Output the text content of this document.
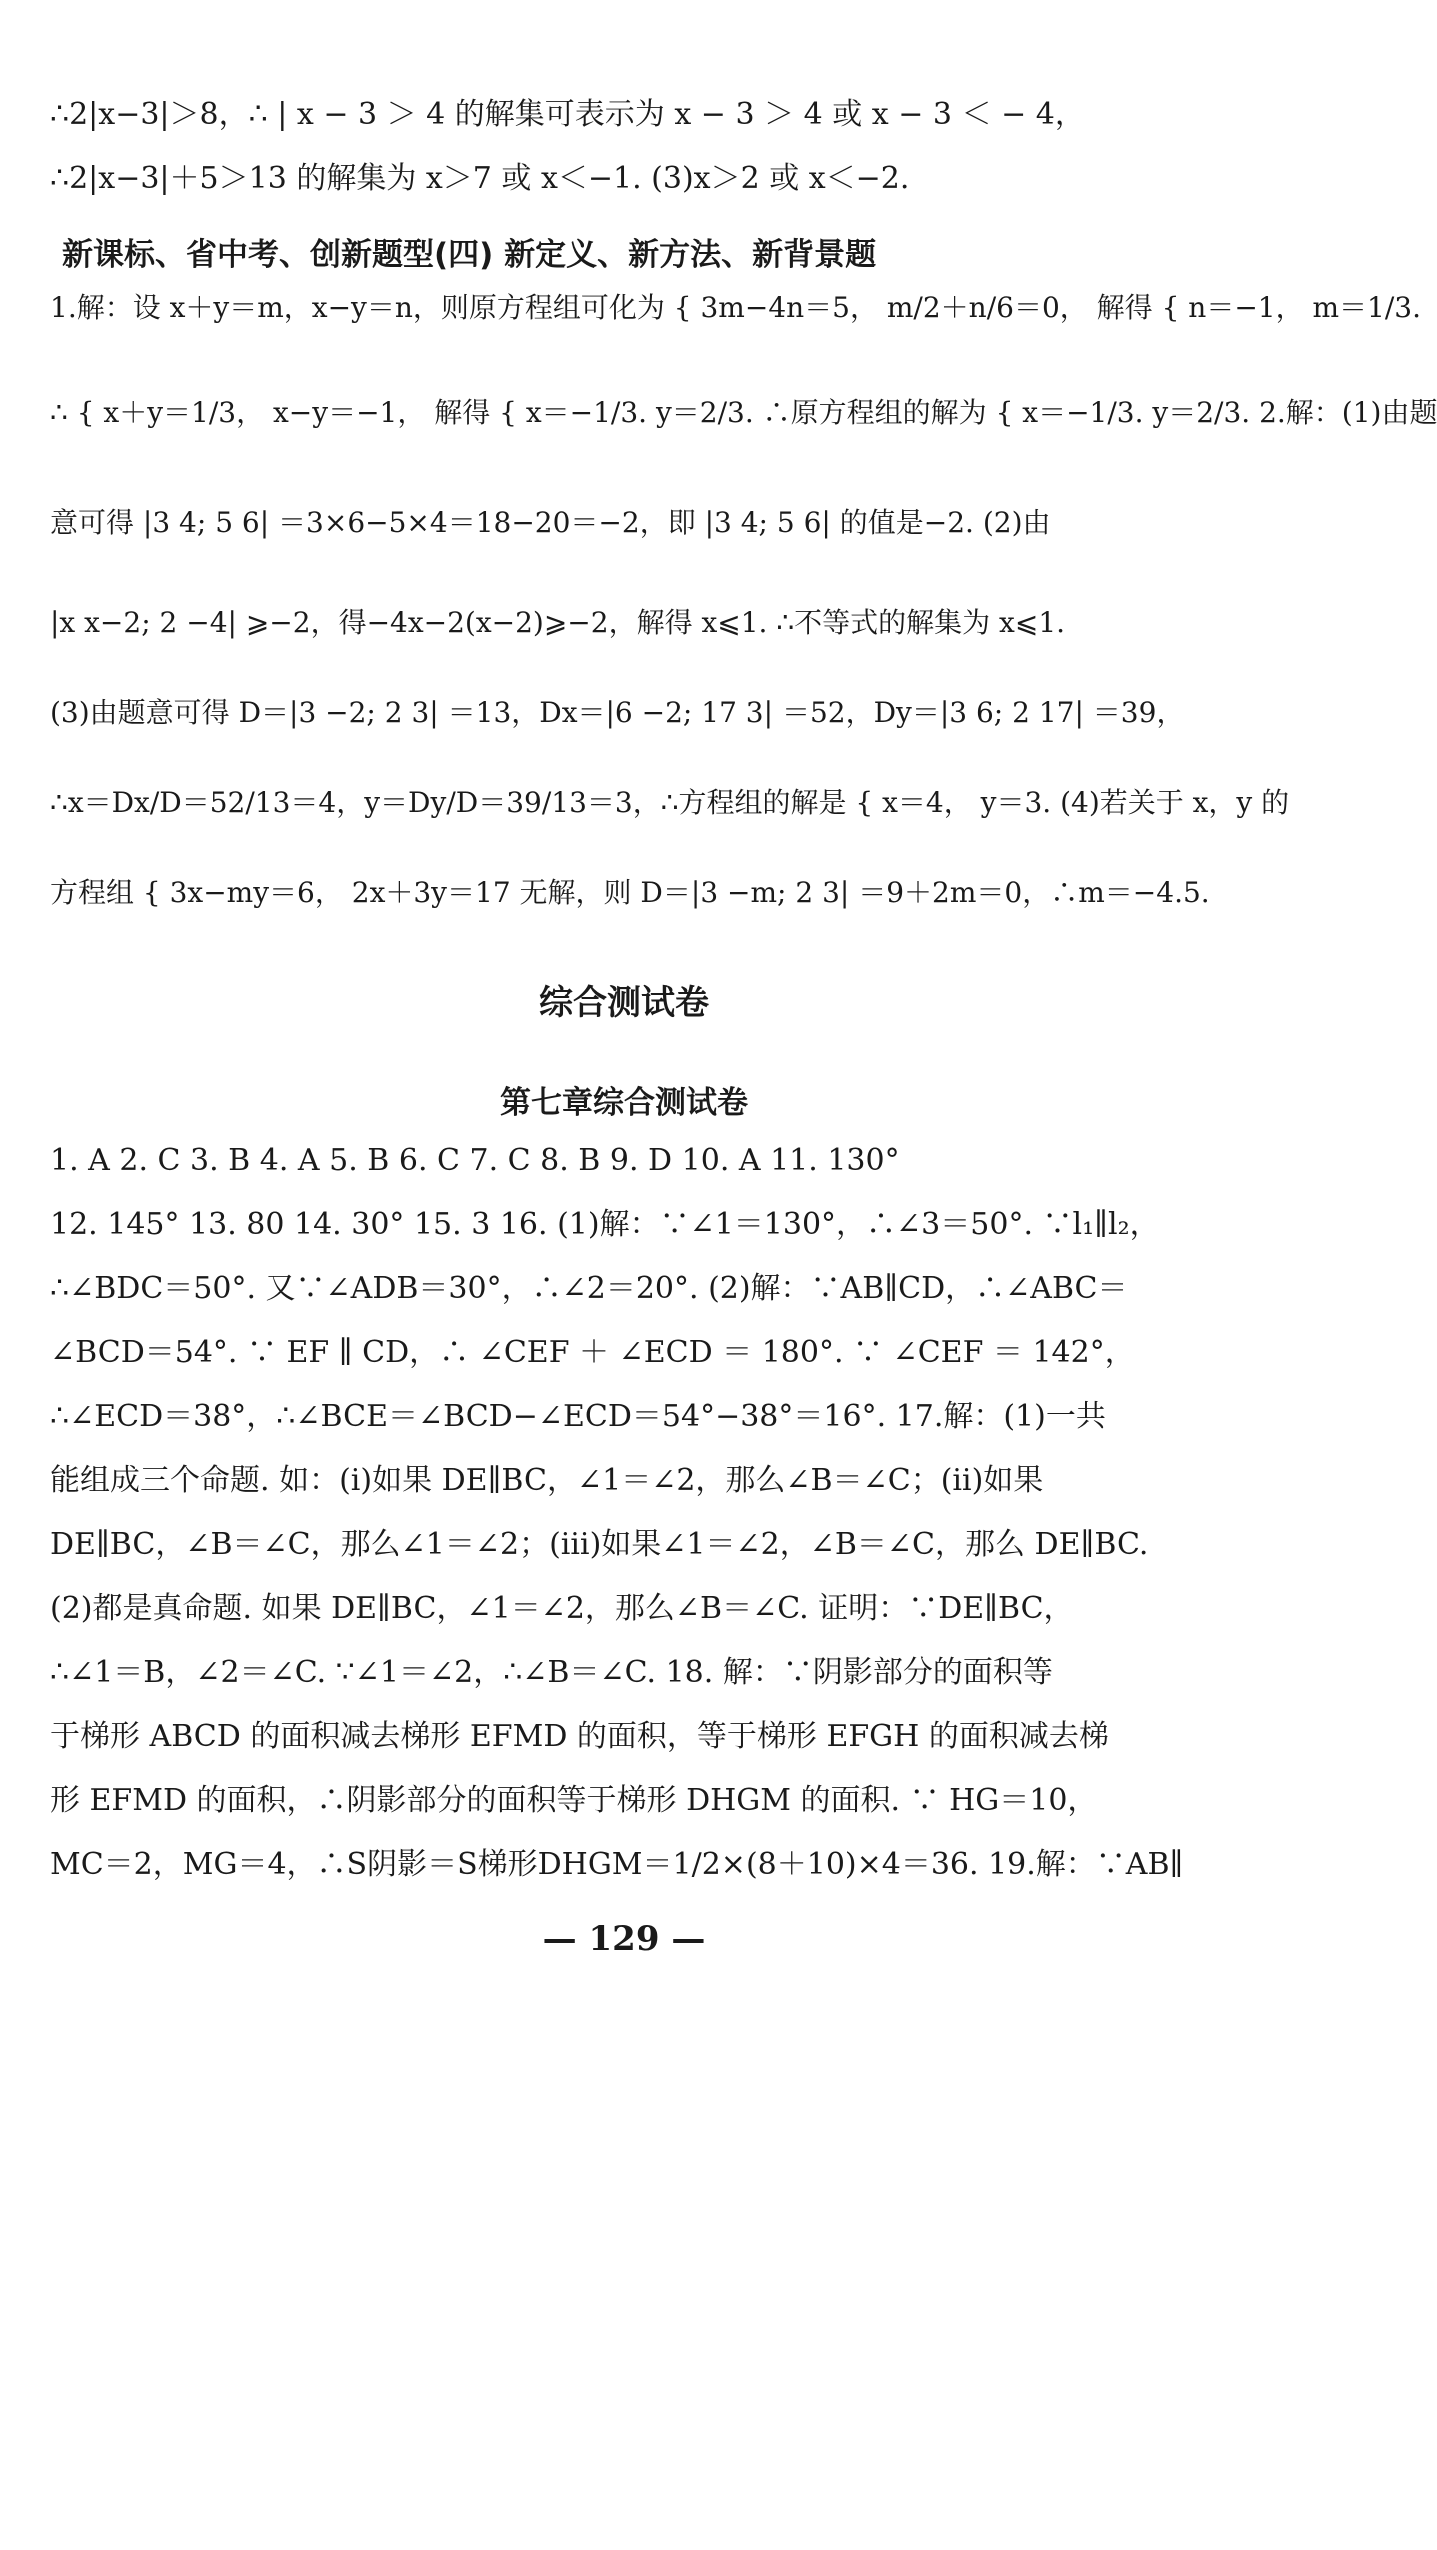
∴2|x−3|＞8，∴ | x − 3 ＞ 4 的解集可表示为 x − 3 ＞ 4 或 x − 3 ＜ − 4，
∴2|x−3|＋5＞13 的解集为 x＞7 或 x＜−1. (3)x＞2 或 x＜−2.
新课标、省中考、创新题型(四) 新定义、新方法、新背景题
1.解：设 x＋y＝m，x−y＝n，则原方程组可化为 { 3m−4n＝5， m/2＋n/6＝0， 解得 { n＝−1， m＝1/3.
∴ { x＋y＝1/3， x−y＝−1， 解得 { x＝−1/3. y＝2/3. ∴原方程组的解为 { x＝−1/3. y＝2/3. 2.解：(1)由题
意可得 |3 4; 5 6| ＝3×6−5×4＝18−20＝−2，即 |3 4; 5 6| 的值是−2. (2)由
|x x−2; 2 −4| ⩾−2，得−4x−2(x−2)⩾−2，解得 x⩽1. ∴不等式的解集为 x⩽1.
(3)由题意可得 D＝|3 −2; 2 3| ＝13，Dx＝|6 −2; 17 3| ＝52，Dy＝|3 6; 2 17| ＝39，
∴x＝Dx/D＝52/13＝4，y＝Dy/D＝39/13＝3，∴方程组的解是 { x＝4， y＝3. (4)若关于 x，y 的
方程组 { 3x−my＝6， 2x＋3y＝17 无解，则 D＝|3 −m; 2 3| ＝9＋2m＝0，∴m＝−4.5.
综合测试卷
第七章综合测试卷
1. A 2. C 3. B 4. A 5. B 6. C 7. C 8. B 9. D 10. A 11. 130°
12. 145° 13. 80 14. 30° 15. 3 16. (1)解：∵∠1＝130°，∴∠3＝50°. ∵l₁∥l₂，
∴∠BDC＝50°. 又∵∠ADB＝30°，∴∠2＝20°. (2)解：∵AB∥CD，∴∠ABC＝
∠BCD＝54°. ∵ EF ∥ CD，∴ ∠CEF ＋ ∠ECD ＝ 180°. ∵ ∠CEF ＝ 142°，
∴∠ECD＝38°，∴∠BCE＝∠BCD−∠ECD＝54°−38°＝16°. 17.解：(1)一共
能组成三个命题. 如：(ⅰ)如果 DE∥BC，∠1＝∠2，那么∠B＝∠C；(ⅱ)如果
DE∥BC，∠B＝∠C，那么∠1＝∠2；(ⅲ)如果∠1＝∠2，∠B＝∠C，那么 DE∥BC.
(2)都是真命题. 如果 DE∥BC，∠1＝∠2，那么∠B＝∠C. 证明：∵DE∥BC，
∴∠1＝B，∠2＝∠C. ∵∠1＝∠2，∴∠B＝∠C. 18. 解：∵阴影部分的面积等
于梯形 ABCD 的面积减去梯形 EFMD 的面积，等于梯形 EFGH 的面积减去梯
形 EFMD 的面积，∴阴影部分的面积等于梯形 DHGM 的面积. ∵ HG＝10，
MC＝2，MG＝4，∴S阴影＝S梯形DHGM＝1/2×(8＋10)×4＝36. 19.解：∵AB∥
— 129 —
